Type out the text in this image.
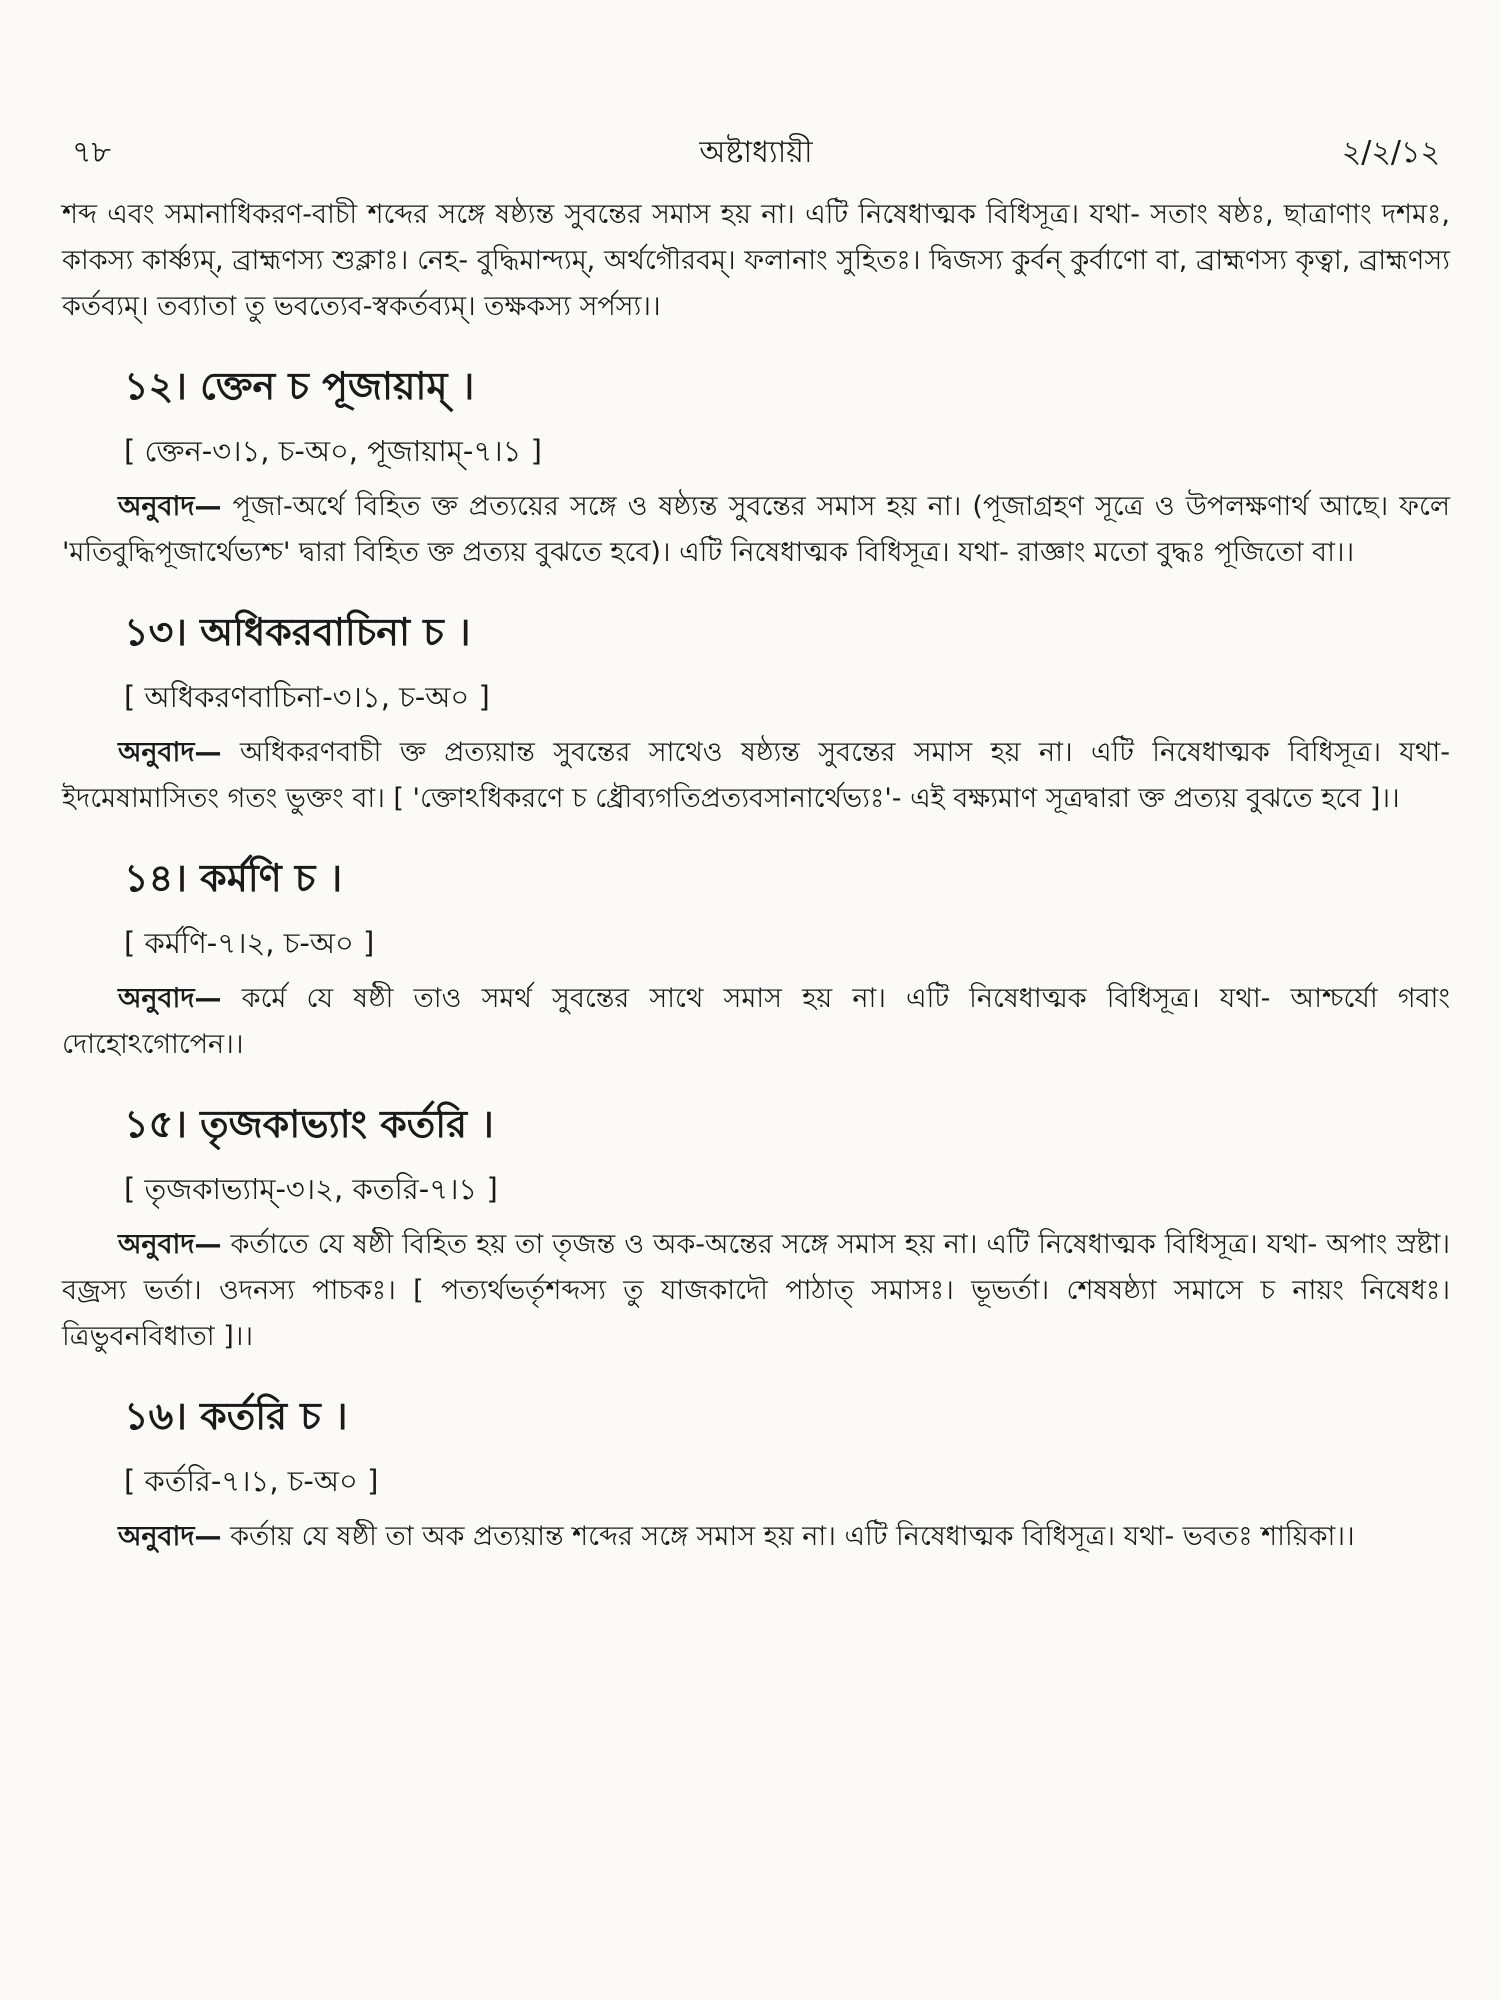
৭৮	অষ্টাধ্যায়ী	২/২/১২

শব্দ এবং সমানাধিকরণ-বাচী শব্দের সঙ্গে ষষ্ঠ্যন্ত সুবন্তের সমাস হয় না। এটি নিষেধাত্মক বিধিসূত্র। যথা- সতাং ষষ্ঠঃ, ছাত্রাণাং দশমঃ, কাকস্য কার্ষ্ণ্যম্, ব্রাহ্মণস্য শুক্লাঃ। নেহ- বুদ্ধিমান্দ্যম্, অর্থগৌরবম্। ফলানাং সুহিতঃ। দ্বিজস্য কুর্বন্ কুর্বাণো বা, ব্রাহ্মণস্য কৃত্বা, ব্রাহ্মণস্য কর্তব্যম্। তব্যাতা তু ভবত্যেব-স্বকর্তব্যম্। তক্ষকস্য সর্পস্য।।

১২। ক্তেন চ পূজায়াম্ ।
[ ক্তেন-৩।১, চ-অ০, পূজায়াম্-৭।১ ]

অনুবাদ— পূজা-অর্থে বিহিত ক্ত প্রত্যয়ের সঙ্গে ও ষষ্ঠ্যন্ত সুবন্তের সমাস হয় না। (পূজাগ্রহণ সূত্রে ও উপলক্ষণার্থ আছে। ফলে 'মতিবুদ্ধিপূজার্থেভ্যশ্চ' দ্বারা বিহিত ক্ত প্রত্যয় বুঝতে হবে)। এটি নিষেধাত্মক বিধিসূত্র। যথা- রাজ্ঞাং মতো বুদ্ধঃ পূজিতো বা।।

১৩। অধিকরবাচিনা চ ।
[ অধিকরণবাচিনা-৩।১, চ-অ০ ]

অনুবাদ— অধিকরণবাচী ক্ত প্রত্যয়ান্ত সুবন্তের সাথেও ষষ্ঠ্যন্ত সুবন্তের সমাস হয় না। এটি নিষেধাত্মক বিধিসূত্র। যথা- ইদমেষামাসিতং গতং ভুক্তং বা। [ 'ক্তোঽধিকরণে চ ধ্রৌব্যগতিপ্রত্যবসানার্থেভ্যঃ'- এই বক্ষ্যমাণ সূত্রদ্বারা ক্ত প্রত্যয় বুঝতে হবে ]।।

১৪। কর্মণি চ ।
[ কর্মণি-৭।২, চ-অ০ ]

অনুবাদ— কর্মে যে ষষ্ঠী তাও সমর্থ সুবন্তের সাথে সমাস হয় না। এটি নিষেধাত্মক বিধিসূত্র। যথা- আশ্চর্যো গবাং দোহোঽগোপেন।।

১৫। তৃজকাভ্যাং কর্তরি ।
[ তৃজকাভ্যাম্-৩।২, কতরি-৭।১ ]

অনুবাদ— কর্তাতে যে ষষ্ঠী বিহিত হয় তা তৃজন্ত ও অক-অন্তের সঙ্গে সমাস হয় না। এটি নিষেধাত্মক বিধিসূত্র। যথা- অপাং স্রষ্টা। বজ্রস্য ভর্তা। ওদনস্য পাচকঃ। [ পত্যর্থভর্তৃশব্দস্য তু যাজকাদৌ পাঠাত্ সমাসঃ। ভূভর্তা। শেষষষ্ঠ্যা সমাসে চ নায়ং নিষেধঃ। ত্রিভুবনবিধাতা ]।।

১৬। কর্তরি চ ।
[ কর্তরি-৭।১, চ-অ০ ]

অনুবাদ— কর্তায় যে ষষ্ঠী তা অক প্রত্যয়ান্ত শব্দের সঙ্গে সমাস হয় না। এটি নিষেধাত্মক বিধিসূত্র। যথা- ভবতঃ শায়িকা।।
